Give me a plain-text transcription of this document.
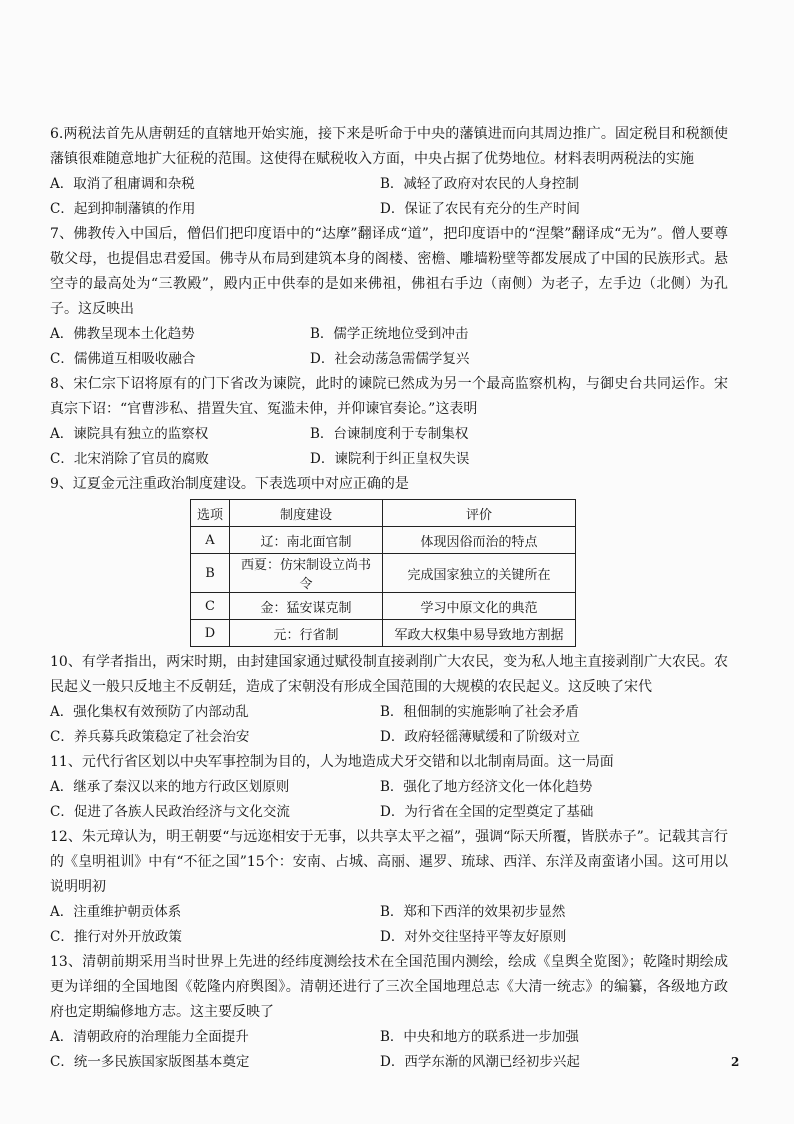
6.两税法首先从唐朝廷的直辖地开始实施，接下来是听命于中央的藩镇进而向其周边推广。固定税目和税额使藩镇很难随意地扩大征税的范围。这使得在赋税收入方面，中央占据了优势地位。材料表明两税法的实施

A．取消了租庸调和杂税	B．减轻了政府对农民的人身控制
C．起到抑制藩镇的作用	D．保证了农民有充分的生产时间

7、佛教传入中国后，僧侣们把印度语中的“达摩”翻译成“道”，把印度语中的“涅槃”翻译成“无为”。僧人要尊敬父母，也提倡忠君爱国。佛寺从布局到建筑本身的阁楼、密檐、雕墙粉壁等都发展成了中国的民族形式。悬空寺的最高处为“三教殿”，殿内正中供奉的是如来佛祖，佛祖右手边（南侧）为老子，左手边（北侧）为孔子。这反映出

A．佛教呈现本土化趋势	B．儒学正统地位受到冲击
C．儒佛道互相吸收融合	D．社会动荡急需儒学复兴

8、宋仁宗下诏将原有的门下省改为谏院，此时的谏院已然成为另一个最高监察机构，与御史台共同运作。宋真宗下诏：“官曹涉私、措置失宜、冤滥未伸，并仰谏官奏论。”这表明

A．谏院具有独立的监察权	B．台谏制度利于专制集权
C．北宋消除了官员的腐败	D．谏院利于纠正皇权失误

9、辽夏金元注重政治制度建设。下表选项中对应正确的是

选项	制度建设	评价
A	辽：南北面官制	体现因俗而治的特点
B	西夏：仿宋制设立尚书令	完成国家独立的关键所在
C	金：猛安谋克制	学习中原文化的典范
D	元：行省制	军政大权集中易导致地方割据

10、有学者指出，两宋时期，由封建国家通过赋役制直接剥削广大农民，变为私人地主直接剥削广大农民。农民起义一般只反地主不反朝廷，造成了宋朝没有形成全国范围的大规模的农民起义。这反映了宋代

A．强化集权有效预防了内部动乱	B．租佃制的实施影响了社会矛盾
C．养兵募兵政策稳定了社会治安	D．政府轻徭薄赋缓和了阶级对立

11、元代行省区划以中央军事控制为目的，人为地造成犬牙交错和以北制南局面。这一局面

A．继承了秦汉以来的地方行政区划原则	B．强化了地方经济文化一体化趋势
C．促进了各族人民政治经济与文化交流	D．为行省在全国的定型奠定了基础

12、朱元璋认为，明王朝要“与远迩相安于无事，以共享太平之福”，强调“际天所覆，皆朕赤子”。记载其言行的《皇明祖训》中有“不征之国”15个：安南、占城、高丽、暹罗、琉球、西洋、东洋及南蛮诸小国。这可用以说明明初

A．注重维护朝贡体系	B．郑和下西洋的效果初步显然
C．推行对外开放政策	D．对外交往坚持平等友好原则

13、清朝前期采用当时世界上先进的经纬度测绘技术在全国范围内测绘，绘成《皇舆全览图》；乾隆时期绘成更为详细的全国地图《乾隆内府舆图》。清朝还进行了三次全国地理总志《大清一统志》的编纂，各级地方政府也定期编修地方志。这主要反映了

A．清朝政府的治理能力全面提升	B．中央和地方的联系进一步加强
C．统一多民族国家版图基本奠定	D．西学东渐的风潮已经初步兴起	2
